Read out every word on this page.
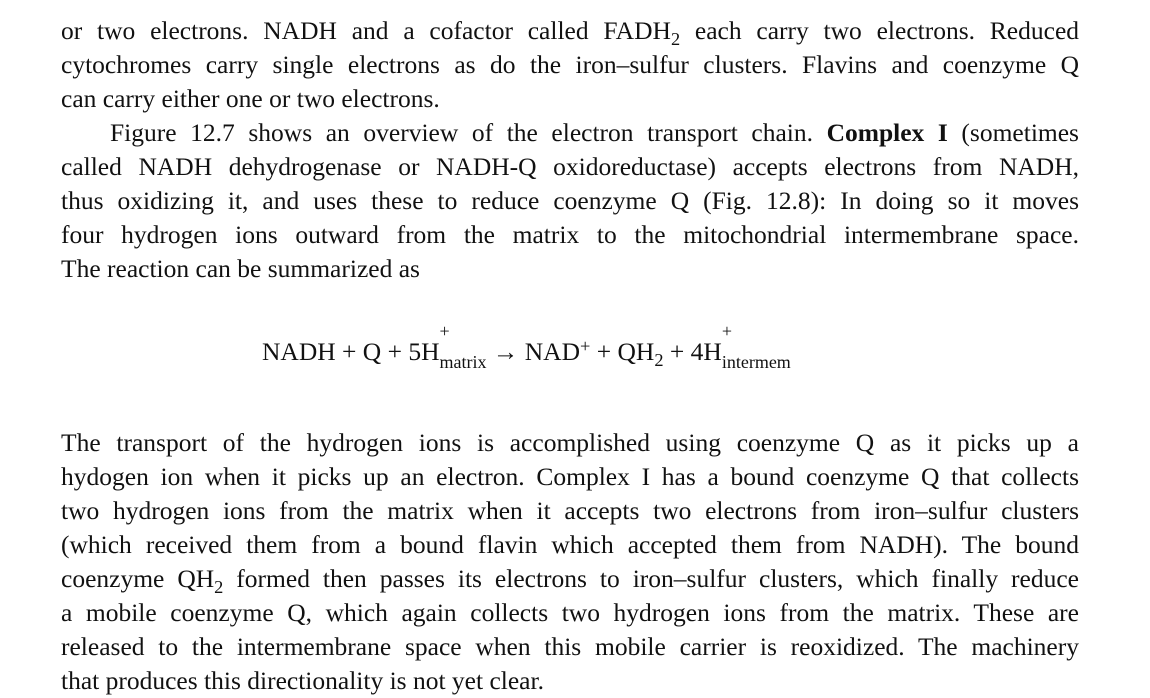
or two electrons. NADH and a cofactor called $FADH_2$ each carry two electrons. Reduced
cytochromes carry single electrons as do the iron–sulfur clusters. Flavins and coenzyme Q
can carry either one or two electrons.
Figure 12.7 shows an overview of the electron transport chain. Complex I (sometimes
called NADH dehydrogenase or NADH-Q oxidoreductase) accepts electrons from NADH,
thus oxidizing it, and uses these to reduce coenzyme Q (Fig. 12.8): In doing so it moves
four hydrogen ions outward from the matrix to the mitochondrial intermembrane space.
The reaction can be summarized as
NADH + Q + 5H
+
$_{matrix} \to NAD^+ + QH_2 + 4H$
+
$_{intermem}$
The transport of the hydrogen ions is accomplished using coenzyme Q as it picks up a
hydogen ion when it picks up an electron. Complex I has a bound coenzyme Q that collects
two hydrogen ions from the matrix when it accepts two electrons from iron–sulfur clusters
(which received them from a bound flavin which accepted them from NADH). The bound
coenzyme $QH_2$ formed then passes its electrons to iron–sulfur clusters, which finally reduce
a mobile coenzyme Q, which again collects two hydrogen ions from the matrix. These are
released to the intermembrane space when this mobile carrier is reoxidized. The machinery
that produces this directionality is not yet clear.
